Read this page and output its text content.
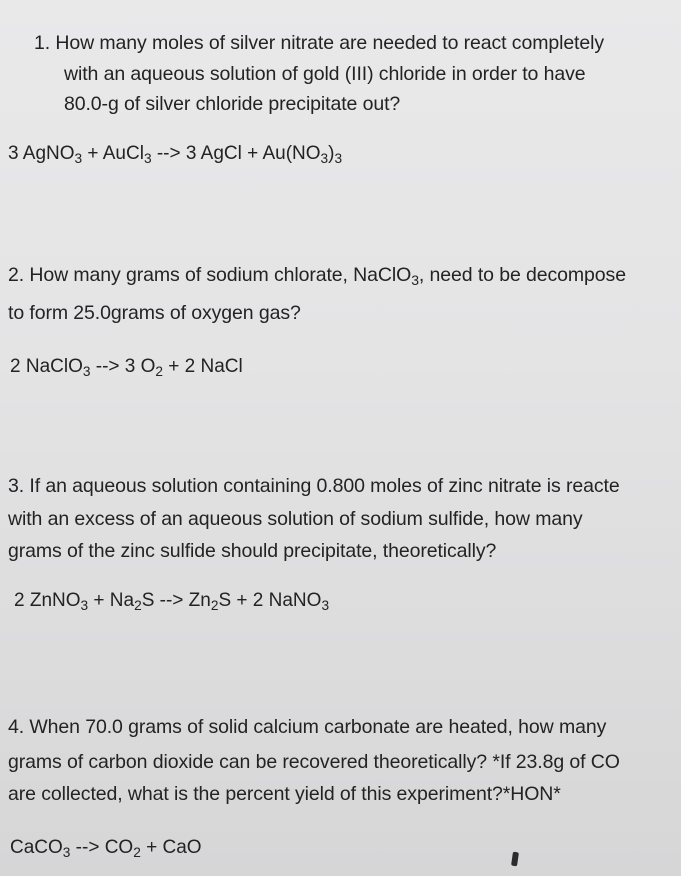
1. How many moles of silver nitrate are needed to react completely
with an aqueous solution of gold (III) chloride in order to have
80.0-g of silver chloride precipitate out?
3 AgNO$_3$ + AuCl$_3$ --> 3 AgCl + $Au(NO_3)_3$
2. How many grams of sodium chlorate, NaClO$_3$, need to be decompose
to form 25.0grams of oxygen gas?
2 NaClO$_3$ --> 3 $O_2 + 2$ NaCl
3. If an aqueous solution containing 0.800 moles of zinc nitrate is reacte
with an excess of an aqueous solution of sodium sulfide, how many
grams of the zinc sulfide should precipitate, theoretically?
2 ZnNO$_3$ + $Na_2S$ --> $Zn_2S + 2$ NaNO$_3$
4. When 70.0 grams of solid calcium carbonate are heated, how many
grams of carbon dioxide can be recovered theoretically? *If 23.8g of CO
are collected, what is the percent yield of this experiment?*HON*
CaCO$_3$ --> $CO_2$ + CaO
